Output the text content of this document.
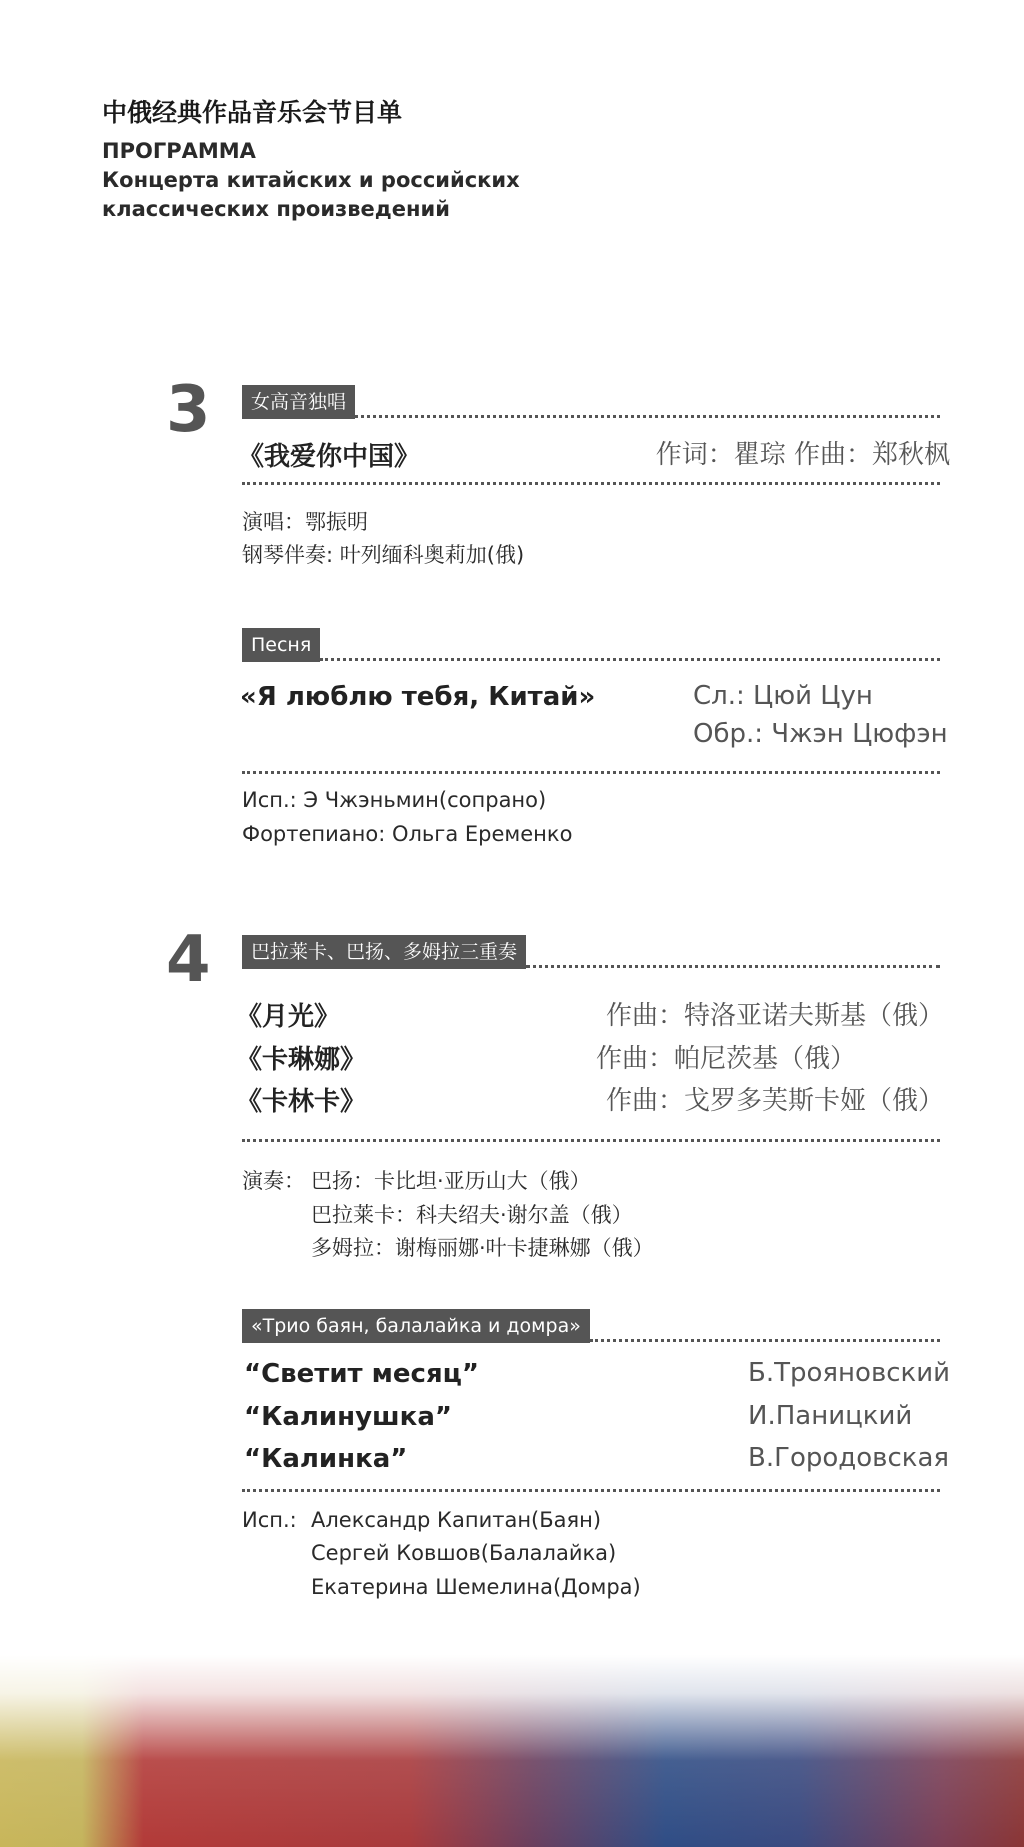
中俄经典作品音乐会节目单
ПРОГРАММА
Концерта китайских и российских
классических произведений
3	女高音独唱
《我爱你中国》	作词：瞿琮 作曲：郑秋枫
演唱：鄂振明
钢琴伴奏: 叶列缅科奥莉加(俄)
Песня
«Я люблю тебя, Китай»	Сл.: Цюй Цун
Обр.: Чжэн Цюфэн
Исп.: Э Чжэньмин(сопрано)
Фортепиано: Ольга Еременко
4	巴拉莱卡、巴扬、多姆拉三重奏
《月光》	作曲：特洛亚诺夫斯基（俄）
《卡琳娜》	作曲：帕尼茨基（俄）
《卡林卡》	作曲：戈罗多芙斯卡娅（俄）
演奏： 巴扬：卡比坦·亚历山大（俄）
巴拉莱卡：科夫绍夫·谢尔盖（俄）
多姆拉：谢梅丽娜·叶卡捷琳娜（俄）
«Трио баян, балалайка и домра»
“Светит месяц”	Б.Трояновский
“Калинушка”	И.Паницкий
“Калинка”	В.Городовская
Исп.: Александр Капитан(Баян)
Сергей Ковшов(Балалайка)
Екатерина Шемелина(Домра)
